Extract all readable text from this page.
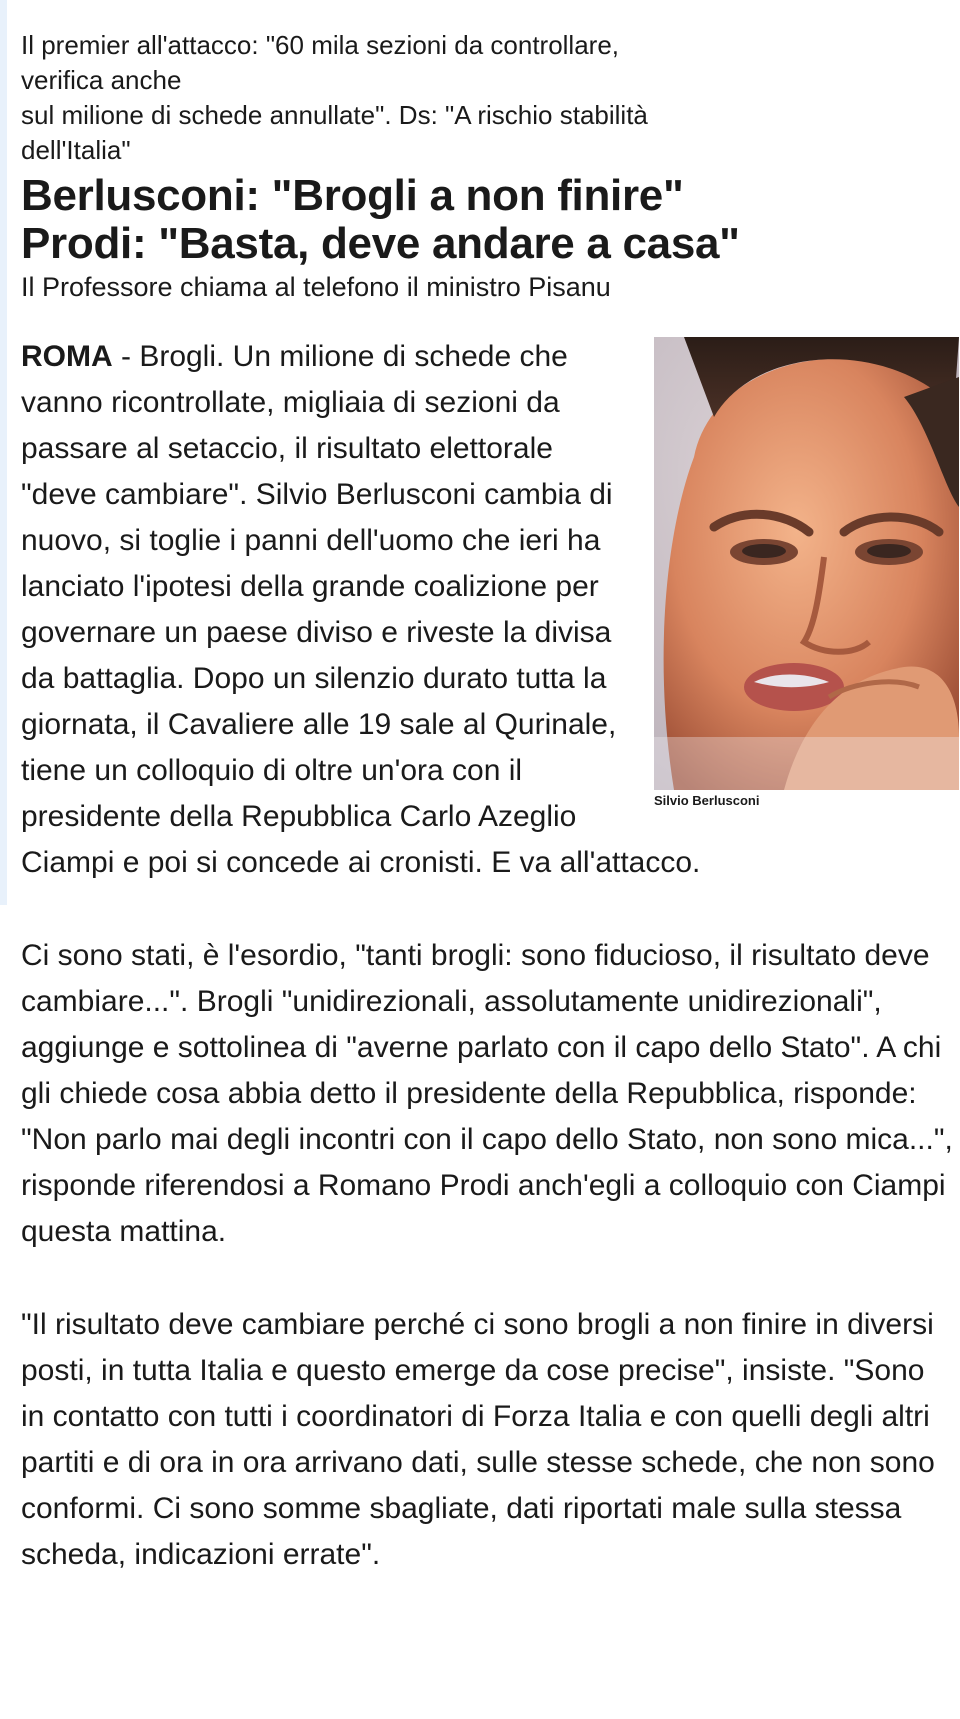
Il premier all'attacco: "60 mila sezioni da controllare,
verifica anche
sul milione di schede annullate". Ds: "A rischio stabilità
dell'Italia"
Berlusconi: "Brogli a non finire"
Prodi: "Basta, deve andare a casa"
Il Professore chiama al telefono il ministro Pisanu
Silvio Berlusconi

ROMA - Brogli. Un milione di schede che vanno ricontrollate, migliaia di sezioni da passare al setaccio, il risultato elettorale "deve cambiare". Silvio Berlusconi cambia di nuovo, si toglie i panni dell'uomo che ieri ha lanciato l'ipotesi della grande coalizione per governare un paese diviso e riveste la divisa da battaglia. Dopo un silenzio durato tutta la giornata, il Cavaliere alle 19 sale al Qurinale, tiene un colloquio di oltre un'ora con il presidente della Repubblica Carlo Azeglio Ciampi e poi si concede ai cronisti. E va all'attacco.

Ci sono stati, è l'esordio, "tanti brogli: sono fiducioso, il risultato deve cambiare...". Brogli "unidirezionali, assolutamente unidirezionali", aggiunge e sottolinea di "averne parlato con il capo dello Stato". A chi gli chiede cosa abbia detto il presidente della Repubblica, risponde: "Non parlo mai degli incontri con il capo dello Stato, non sono mica...", risponde riferendosi a Romano Prodi anch'egli a colloquio con Ciampi questa mattina.

"Il risultato deve cambiare perché ci sono brogli a non finire in diversi posti, in tutta Italia e questo emerge da cose precise", insiste. "Sono in contatto con tutti i coordinatori di Forza Italia e con quelli degli altri partiti e di ora in ora arrivano dati, sulle stesse schede, che non sono conformi. Ci sono somme sbagliate, dati riportati male sulla stessa scheda, indicazioni errate".
